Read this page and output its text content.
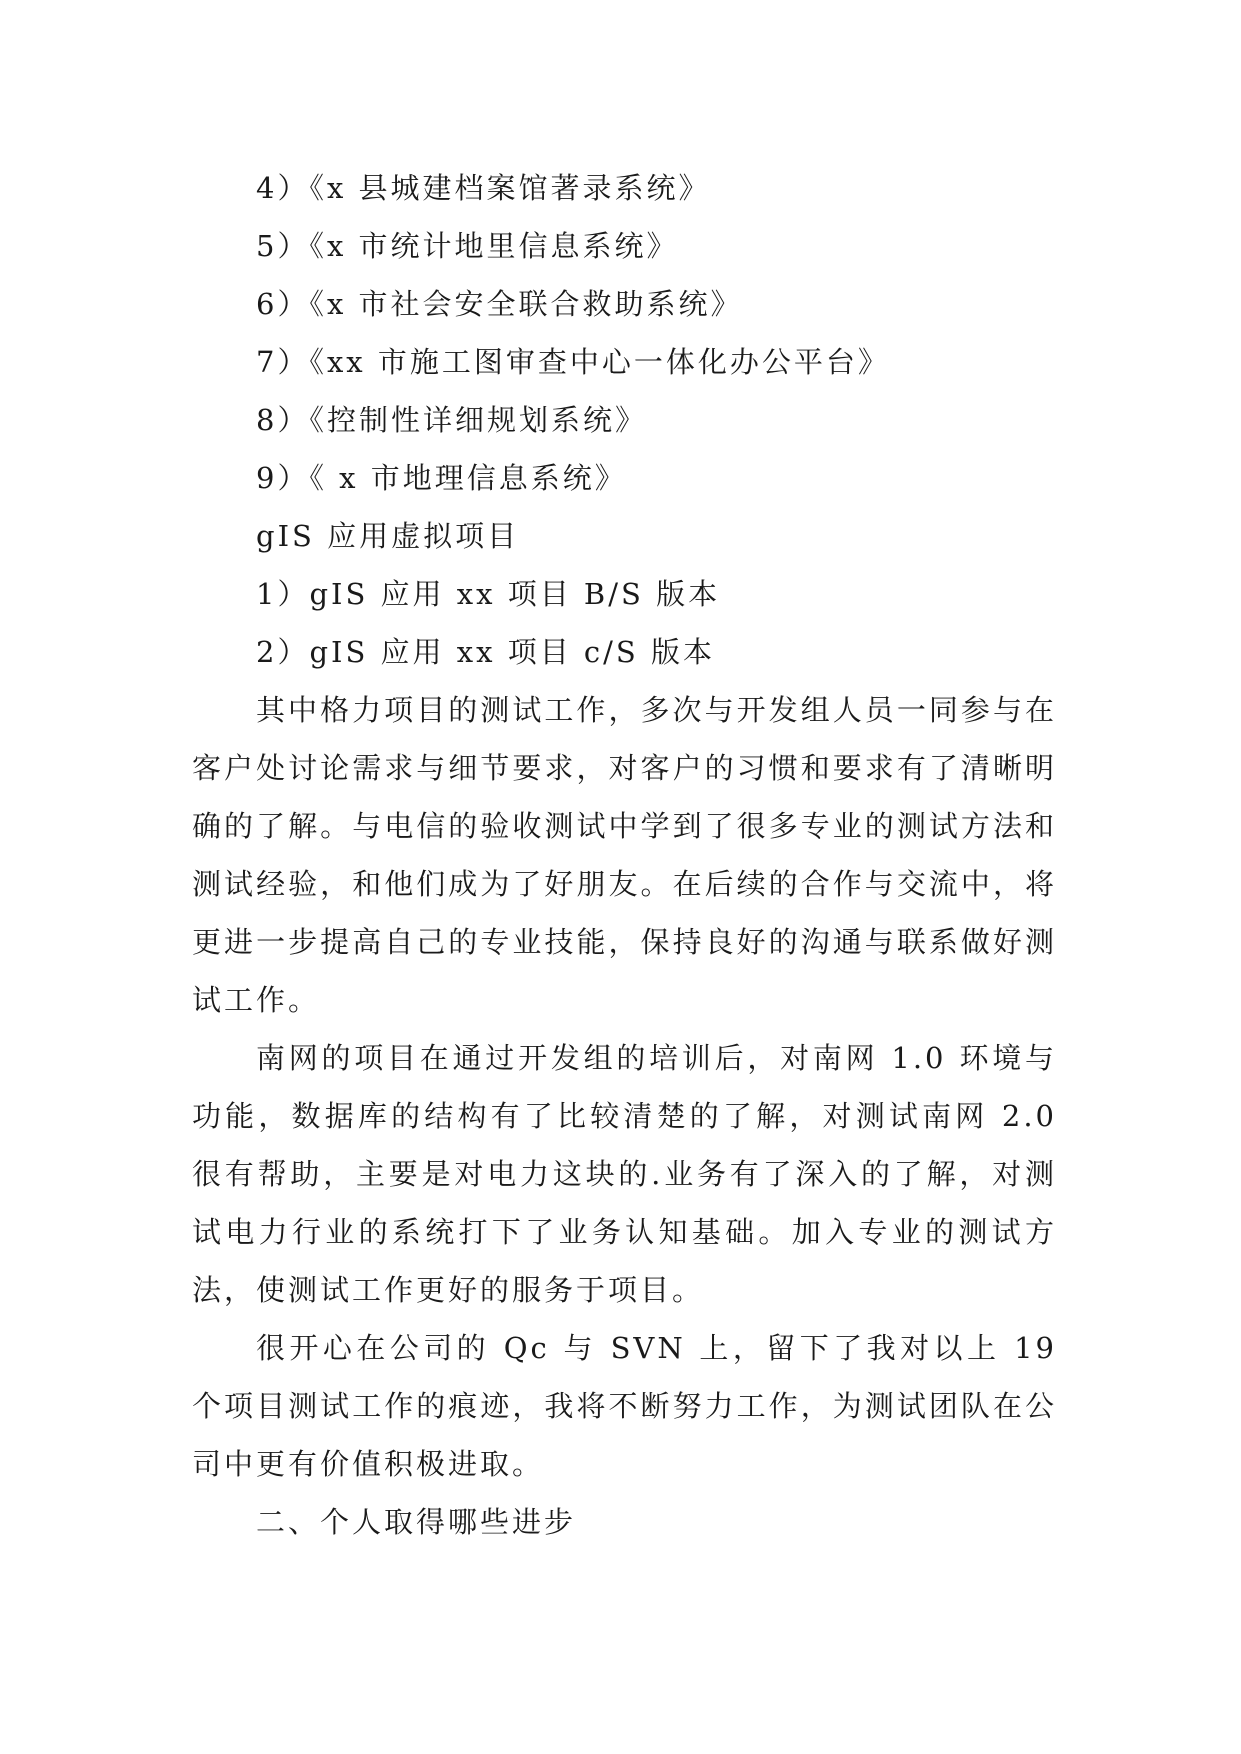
4）《x 县城建档案馆著录系统》

5）《x 市统计地里信息系统》

6）《x 市社会安全联合救助系统》

7）《xx 市施工图审查中心一体化办公平台》

8）《控制性详细规划系统》

9）《 x 市地理信息系统》

gIS 应用虚拟项目

1）gIS 应用 xx 项目 B/S 版本

2）gIS 应用 xx 项目 c/S 版本

其中格力项目的测试工作，多次与开发组人员一同参与在客户处讨论需求与细节要求，对客户的习惯和要求有了清晰明确的了解。与电信的验收测试中学到了很多专业的测试方法和测试经验，和他们成为了好朋友。在后续的合作与交流中，将更进一步提高自己的专业技能，保持良好的沟通与联系做好测试工作。

南网的项目在通过开发组的培训后，对南网 1.0 环境与功能，数据库的结构有了比较清楚的了解，对测试南网 2.0 很有帮助，主要是对电力这块的.业务有了深入的了解，对测试电力行业的系统打下了业务认知基础。加入专业的测试方法，使测试工作更好的服务于项目。

很开心在公司的 Qc 与 SVN 上，留下了我对以上 19 个项目测试工作的痕迹，我将不断努力工作，为测试团队在公司中更有价值积极进取。

二、个人取得哪些进步
